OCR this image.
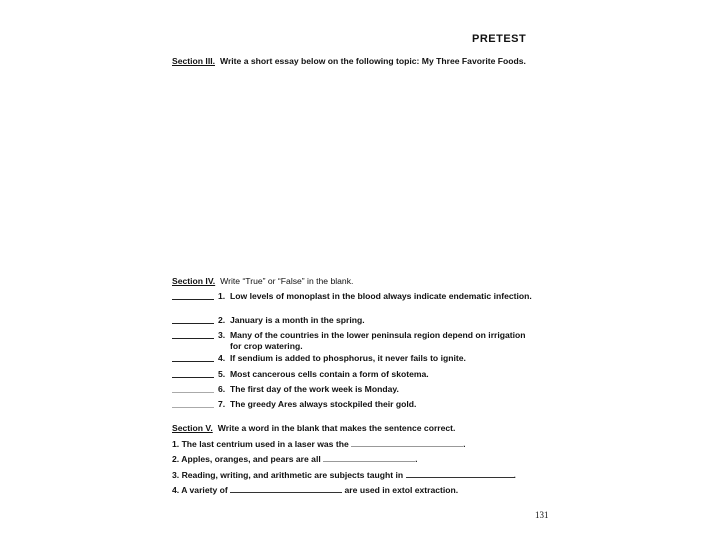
PRETEST
Section III. Write a short essay below on the following topic: My Three Favorite Foods.
Section IV. Write “True” or “False” in the blank.
1. Low levels of monoplast in the blood always indicate endematic infection.
2. January is a month in the spring.
3. Many of the countries in the lower peninsula region depend on irrigation for crop watering.
4. If sendium is added to phosphorus, it never fails to ignite.
5. Most cancerous cells contain a form of skotema.
6. The first day of the work week is Monday.
7. The greedy Ares always stockpiled their gold.
Section V. Write a word in the blank that makes the sentence correct.
1. The last centrium used in a laser was the	.
2. Apples, oranges, and pears are all	.
3. Reading, writing, and arithmetic are subjects taught in	.
4. A variety of	are used in extol extraction.
131
